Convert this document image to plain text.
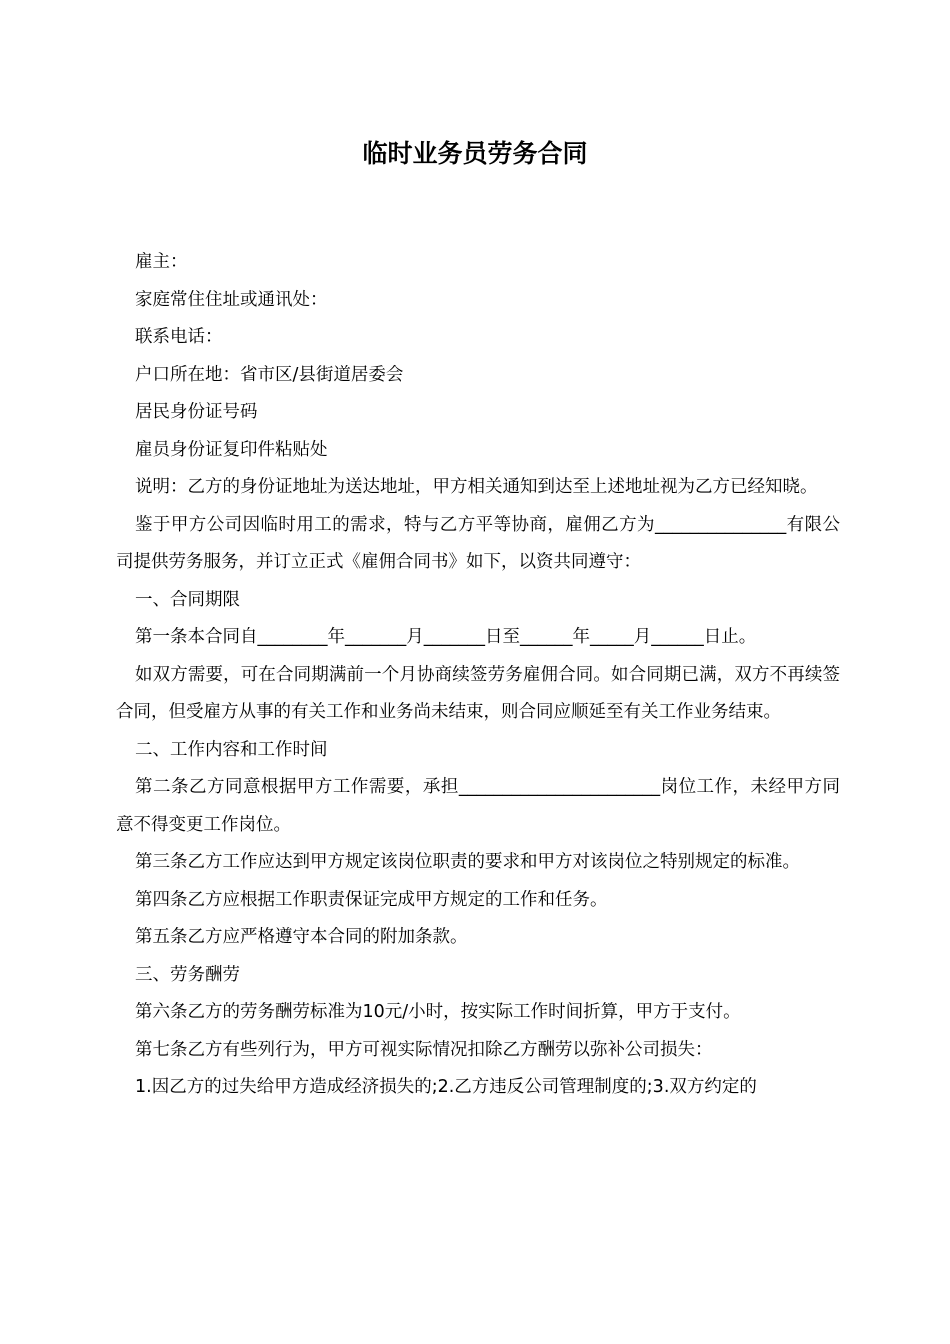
临时业务员劳务合同

雇主：

家庭常住住址或通讯处：

联系电话：

户口所在地：省市区/县街道居委会

居民身份证号码

雇员身份证复印件粘贴处

说明：乙方的身份证地址为送达地址，甲方相关通知到达至上述地址视为乙方已经知晓。

鉴于甲方公司因临时用工的需求，特与乙方平等协商，雇佣乙方为_______________有限公司提供劳务服务，并订立正式《雇佣合同书》如下，以资共同遵守：

一、合同期限

第一条本合同自________年_______月_______日至______年_____月______日止。

如双方需要，可在合同期满前一个月协商续签劳务雇佣合同。如合同期已满，双方不再续签合同，但受雇方从事的有关工作和业务尚未结束，则合同应顺延至有关工作业务结束。

二、工作内容和工作时间

第二条乙方同意根据甲方工作需要，承担_______________________岗位工作，未经甲方同意不得变更工作岗位。

第三条乙方工作应达到甲方规定该岗位职责的要求和甲方对该岗位之特别规定的标准。

第四条乙方应根据工作职责保证完成甲方规定的工作和任务。

第五条乙方应严格遵守本合同的附加条款。

三、劳务酬劳

第六条乙方的劳务酬劳标准为10元/小时，按实际工作时间折算，甲方于支付。

第七条乙方有些列行为，甲方可视实际情况扣除乙方酬劳以弥补公司损失：

1.因乙方的过失给甲方造成经济损失的;2.乙方违反公司管理制度的;3.双方约定的
